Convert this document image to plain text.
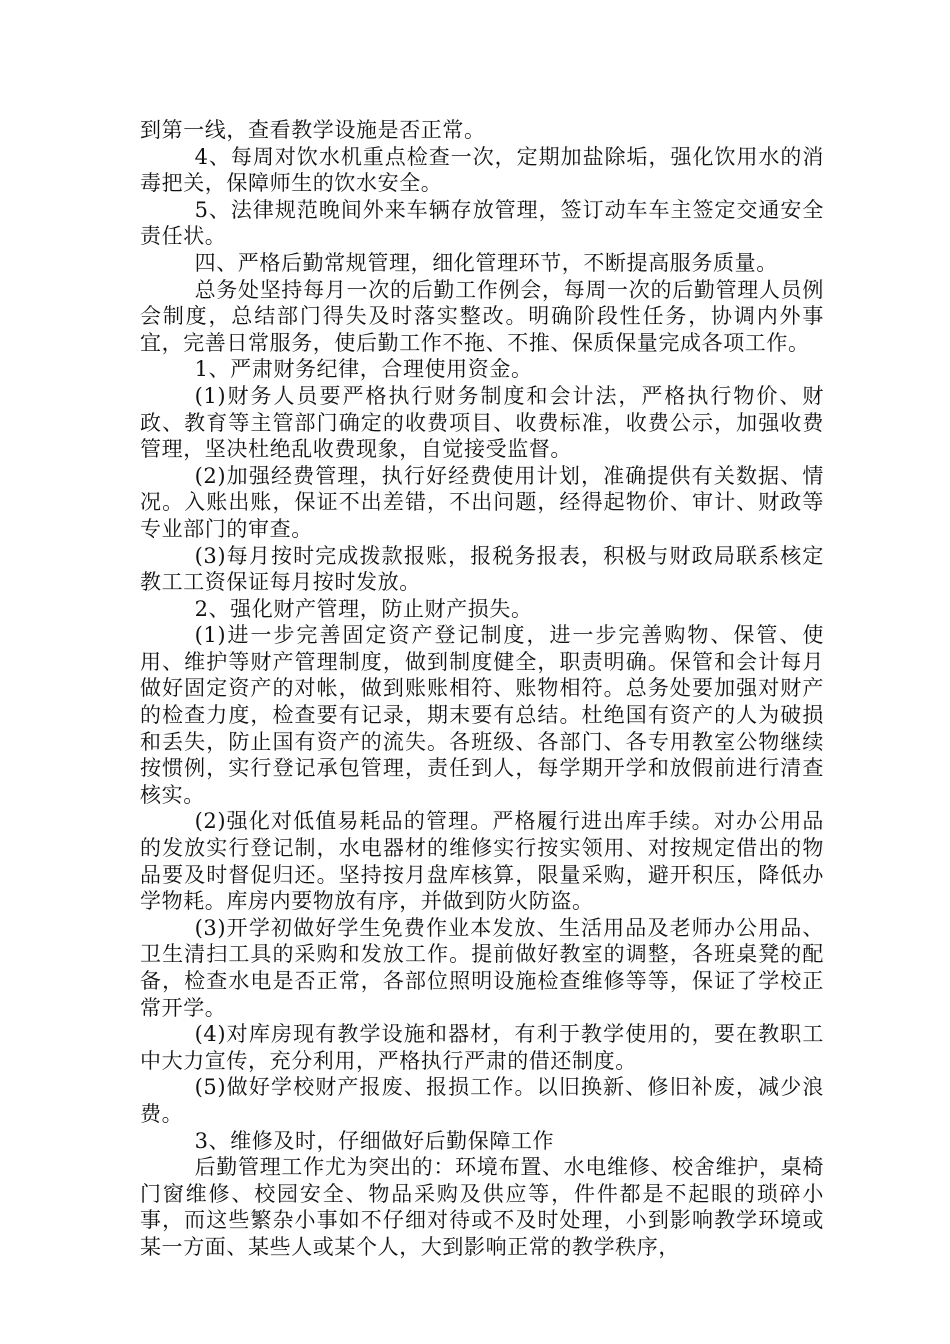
到第一线，查看教学设施是否正常。

4、每周对饮水机重点检查一次，定期加盐除垢，强化饮用水的消毒把关，保障师生的饮水安全。

5、法律规范晚间外来车辆存放管理，签订动车车主签定交通安全责任状。

四、严格后勤常规管理，细化管理环节，不断提高服务质量。

总务处坚持每月一次的后勤工作例会，每周一次的后勤管理人员例会制度，总结部门得失及时落实整改。明确阶段性任务，协调内外事宜，完善日常服务，使后勤工作不拖、不推、保质保量完成各项工作。

1、严肃财务纪律，合理使用资金。

(1)财务人员要严格执行财务制度和会计法，严格执行物价、财政、教育等主管部门确定的收费项目、收费标准，收费公示，加强收费管理，坚决杜绝乱收费现象，自觉接受监督。

(2)加强经费管理，执行好经费使用计划，准确提供有关数据、情况。入账出账，保证不出差错，不出问题，经得起物价、审计、财政等专业部门的审查。

(3)每月按时完成拨款报账，报税务报表，积极与财政局联系核定教工工资保证每月按时发放。

2、强化财产管理，防止财产损失。

(1)进一步完善固定资产登记制度，进一步完善购物、保管、使用、维护等财产管理制度，做到制度健全，职责明确。保管和会计每月做好固定资产的对帐，做到账账相符、账物相符。总务处要加强对财产的检查力度，检查要有记录，期末要有总结。杜绝国有资产的人为破损和丢失，防止国有资产的流失。各班级、各部门、各专用教室公物继续按惯例，实行登记承包管理，责任到人，每学期开学和放假前进行清查核实。

(2)强化对低值易耗品的管理。严格履行进出库手续。对办公用品的发放实行登记制，水电器材的维修实行按实领用、对按规定借出的物品要及时督促归还。坚持按月盘库核算，限量采购，避开积压，降低办学物耗。库房内要物放有序，并做到防火防盗。

(3)开学初做好学生免费作业本发放、生活用品及老师办公用品、卫生清扫工具的采购和发放工作。提前做好教室的调整，各班桌凳的配备，检查水电是否正常，各部位照明设施检查维修等等，保证了学校正常开学。

(4)对库房现有教学设施和器材，有利于教学使用的，要在教职工中大力宣传，充分利用，严格执行严肃的借还制度。

(5)做好学校财产报废、报损工作。以旧换新、修旧补废，减少浪费。

3、维修及时，仔细做好后勤保障工作

后勤管理工作尤为突出的：环境布置、水电维修、校舍维护，桌椅门窗维修、校园安全、物品采购及供应等，件件都是不起眼的琐碎小事，而这些繁杂小事如不仔细对待或不及时处理，小到影响教学环境或某一方面、某些人或某个人，大到影响正常的教学秩序，
